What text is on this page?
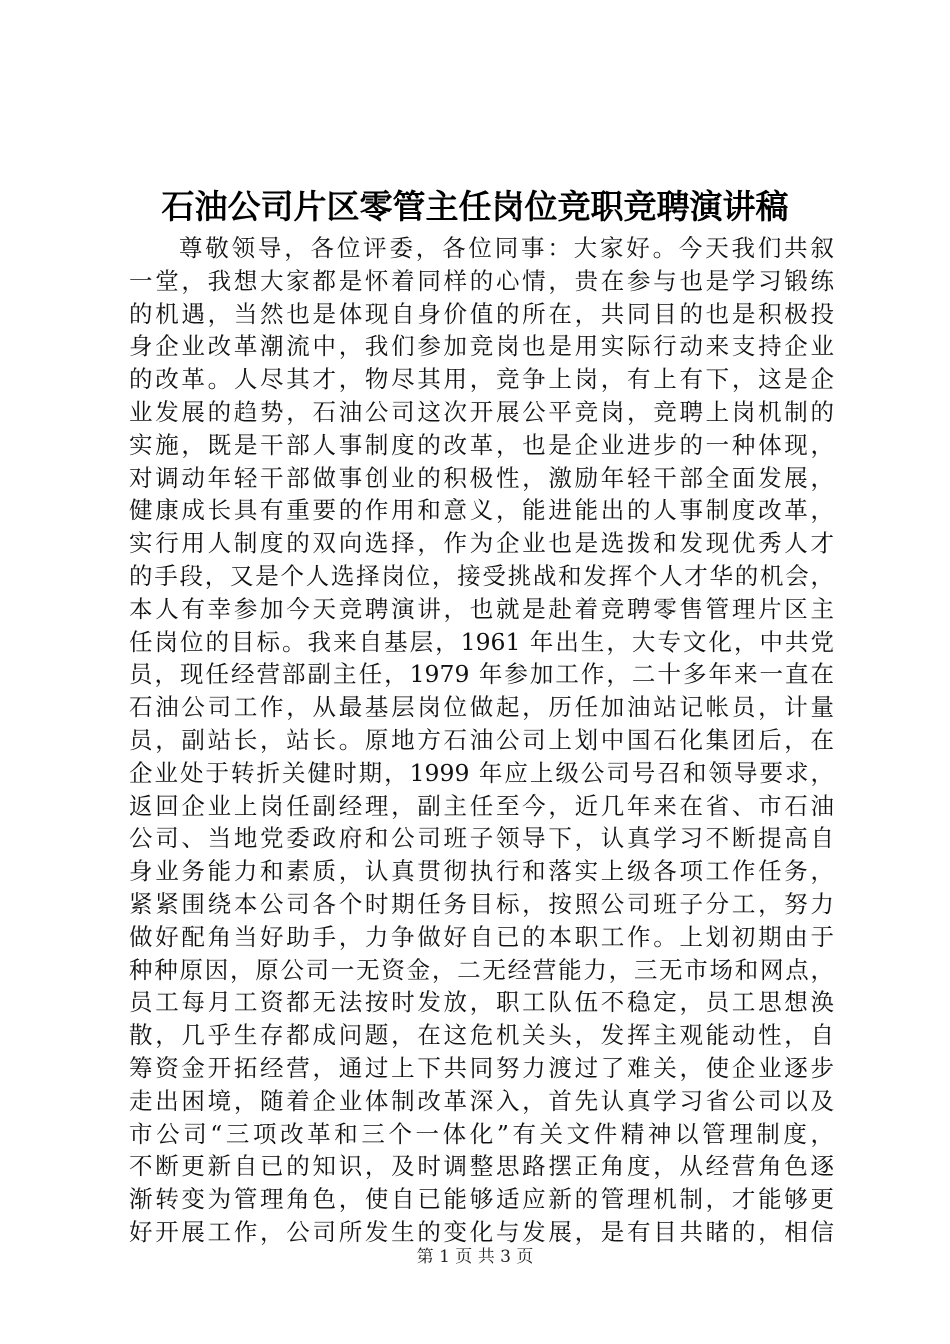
石油公司片区零管主任岗位竞职竞聘演讲稿
尊敬领导，各位评委，各位同事：大家好。今天我们共叙
一堂，我想大家都是怀着同样的心情，贵在参与也是学习锻练
的机遇，当然也是体现自身价值的所在，共同目的也是积极投
身企业改革潮流中，我们参加竞岗也是用实际行动来支持企业
的改革。人尽其才，物尽其用，竞争上岗，有上有下，这是企
业发展的趋势，石油公司这次开展公平竞岗，竞聘上岗机制的
实施，既是干部人事制度的改革，也是企业进步的一种体现，
对调动年轻干部做事创业的积极性，激励年轻干部全面发展，
健康成长具有重要的作用和意义，能进能出的人事制度改革，
实行用人制度的双向选择，作为企业也是选拨和发现优秀人才
的手段，又是个人选择岗位，接受挑战和发挥个人才华的机会，
本人有幸参加今天竞聘演讲，也就是赴着竞聘零售管理片区主
任岗位的目标。我来自基层，1961 年出生，大专文化，中共党
员，现任经营部副主任，1979 年参加工作，二十多年来一直在
石油公司工作，从最基层岗位做起，历任加油站记帐员，计量
员，副站长，站长。原地方石油公司上划中国石化集团后，在
企业处于转折关健时期，1999 年应上级公司号召和领导要求，
返回企业上岗任副经理，副主任至今，近几年来在省、市石油
公司、当地党委政府和公司班子领导下，认真学习不断提高自
身业务能力和素质，认真贯彻执行和落实上级各项工作任务，
紧紧围绕本公司各个时期任务目标，按照公司班子分工，努力
做好配角当好助手，力争做好自已的本职工作。上划初期由于
种种原因，原公司一无资金，二无经营能力，三无市场和网点，
员工每月工资都无法按时发放，职工队伍不稳定，员工思想涣
散，几乎生存都成问题，在这危机关头，发挥主观能动性，自
筹资金开拓经营，通过上下共同努力渡过了难关，使企业逐步
走出困境，随着企业体制改革深入，首先认真学习省公司以及
市公司“三项改革和三个一体化”有关文件精神以管理制度，
不断更新自已的知识，及时调整思路摆正角度，从经营角色逐
渐转变为管理角色，使自已能够适应新的管理机制，才能够更
好开展工作，公司所发生的变化与发展，是有目共睹的，相信
第 1 页 共 3 页
